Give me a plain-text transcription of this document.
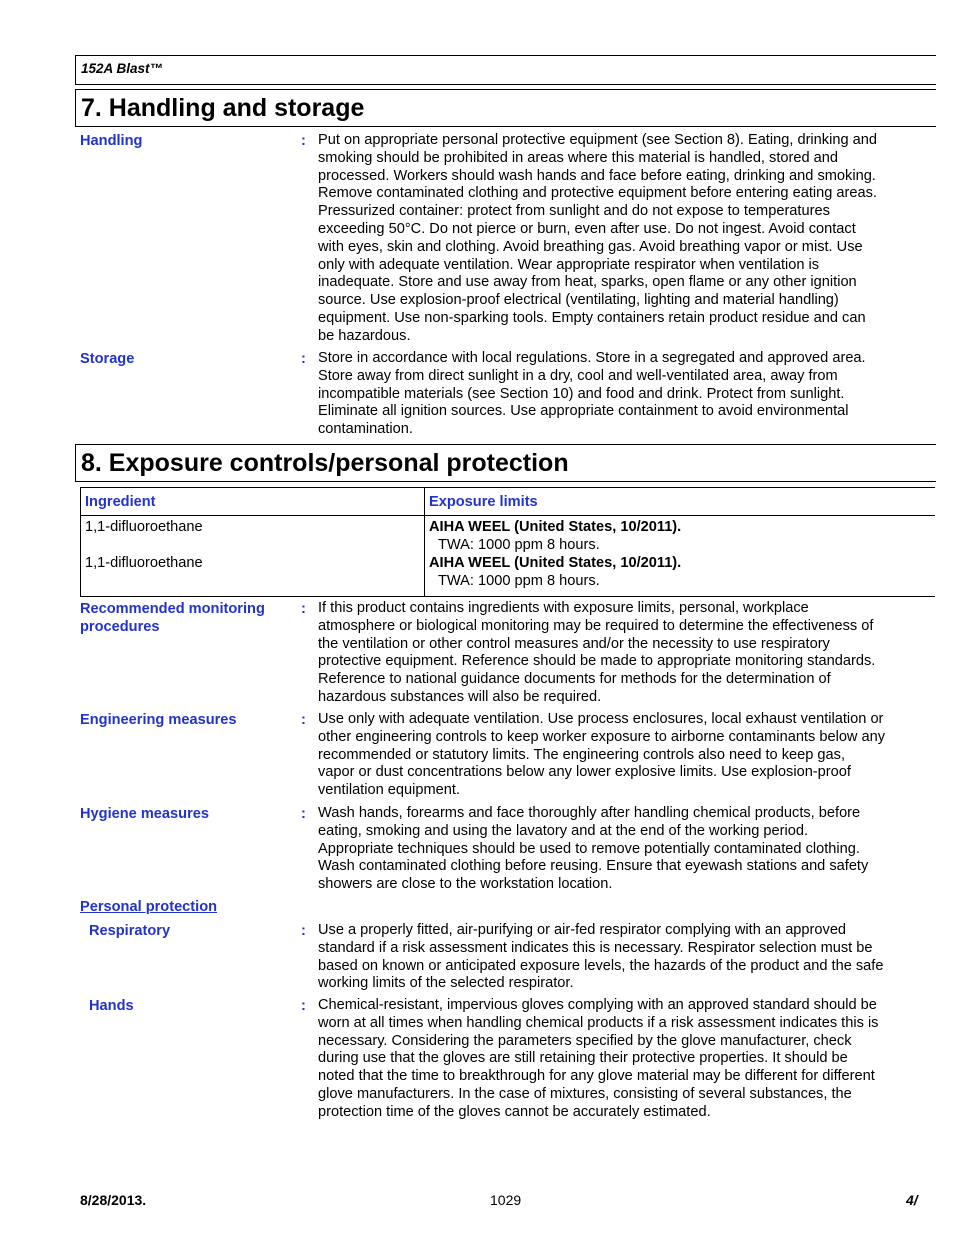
152A Blast™
7. Handling and storage
Handling	: Put on appropriate personal protective equipment (see Section 8). Eating, drinking and
smoking should be prohibited in areas where this material is handled, stored and
processed. Workers should wash hands and face before eating, drinking and smoking.
Remove contaminated clothing and protective equipment before entering eating areas.
Pressurized container: protect from sunlight and do not expose to temperatures
exceeding 50°C. Do not pierce or burn, even after use. Do not ingest. Avoid contact
with eyes, skin and clothing. Avoid breathing gas. Avoid breathing vapor or mist. Use
only with adequate ventilation. Wear appropriate respirator when ventilation is
inadequate. Store and use away from heat, sparks, open flame or any other ignition
source. Use explosion-proof electrical (ventilating, lighting and material handling)
equipment. Use non-sparking tools. Empty containers retain product residue and can
be hazardous.
Storage	: Store in accordance with local regulations. Store in a segregated and approved area.
Store away from direct sunlight in a dry, cool and well-ventilated area, away from
incompatible materials (see Section 10) and food and drink. Protect from sunlight.
Eliminate all ignition sources. Use appropriate containment to avoid environmental
contamination.
8. Exposure controls/personal protection
Ingredient	Exposure limits
1,1-difluoroethane	AIHA WEEL (United States, 10/2011).
TWA: 1000 ppm 8 hours.

1,1-difluoroethane	AIHA WEEL (United States, 10/2011).
TWA: 1000 ppm 8 hours.
Recommended monitoring
procedures
: If this product contains ingredients with exposure limits, personal, workplace
atmosphere or biological monitoring may be required to determine the effectiveness of
the ventilation or other control measures and/or the necessity to use respiratory
protective equipment. Reference should be made to appropriate monitoring standards.
Reference to national guidance documents for methods for the determination of
hazardous substances will also be required.
Engineering measures	: Use only with adequate ventilation. Use process enclosures, local exhaust ventilation or
other engineering controls to keep worker exposure to airborne contaminants below any
recommended or statutory limits. The engineering controls also need to keep gas,
vapor or dust concentrations below any lower explosive limits. Use explosion-proof
ventilation equipment.
Hygiene measures	: Wash hands, forearms and face thoroughly after handling chemical products, before
eating, smoking and using the lavatory and at the end of the working period.
Appropriate techniques should be used to remove potentially contaminated clothing.
Wash contaminated clothing before reusing. Ensure that eyewash stations and safety
showers are close to the workstation location.
Personal protection
Respiratory	: Use a properly fitted, air-purifying or air-fed respirator complying with an approved
standard if a risk assessment indicates this is necessary. Respirator selection must be
based on known or anticipated exposure levels, the hazards of the product and the safe
working limits of the selected respirator.
Hands	: Chemical-resistant, impervious gloves complying with an approved standard should be
worn at all times when handling chemical products if a risk assessment indicates this is
necessary. Considering the parameters specified by the glove manufacturer, check
during use that the gloves are still retaining their protective properties. It should be
noted that the time to breakthrough for any glove material may be different for different
glove manufacturers. In the case of mixtures, consisting of several substances, the
protection time of the gloves cannot be accurately estimated.
8/28/2013.	1029	4/
